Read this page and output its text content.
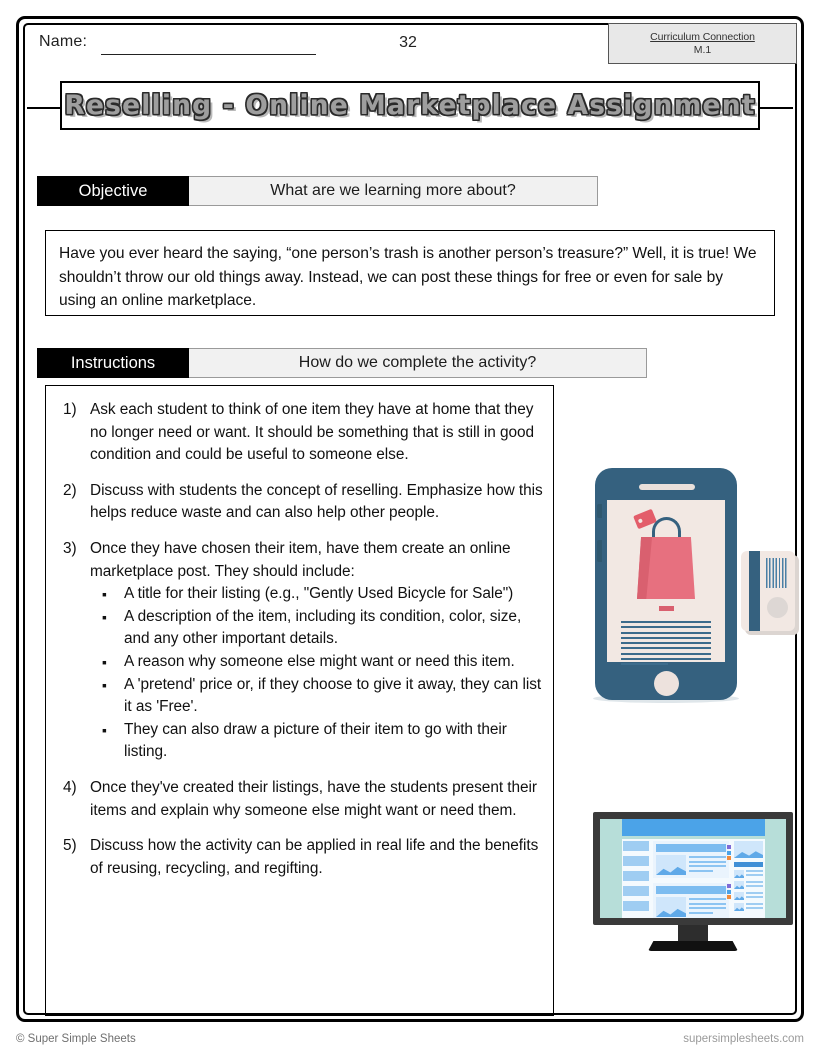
Name:	32	Curriculum Connection
M.1
Reselling - Online Marketplace Assignment
Objective	What are we learning more about?
Have you ever heard the saying, “one person’s trash is another person’s treasure?” Well, it is true! We shouldn’t throw our old things away. Instead, we can post these things for free or even for sale by using an online marketplace.
Instructions	How do we complete the activity?
1) Ask each student to think of one item they have at home that they no longer need or want. It should be something that is still in good condition and could be useful to someone else.
2) Discuss with students the concept of reselling. Emphasize how this helps reduce waste and can also help other people.
3) Once they have chosen their item, have them create an online marketplace post. They should include:
▪	A title for their listing (e.g., "Gently Used Bicycle for Sale")
▪	A description of the item, including its condition, color, size, and any other important details.
▪	A reason why someone else might want or need this item.
▪	A 'pretend' price or, if they choose to give it away, they can list it as 'Free'.
▪	They can also draw a picture of their item to go with their listing.
4) Once they've created their listings, have the students present their items and explain why someone else might want or need them.
5) Discuss how the activity can be applied in real life and the benefits of reusing, recycling, and regifting.
© Super Simple Sheets	supersimplesheets.com
